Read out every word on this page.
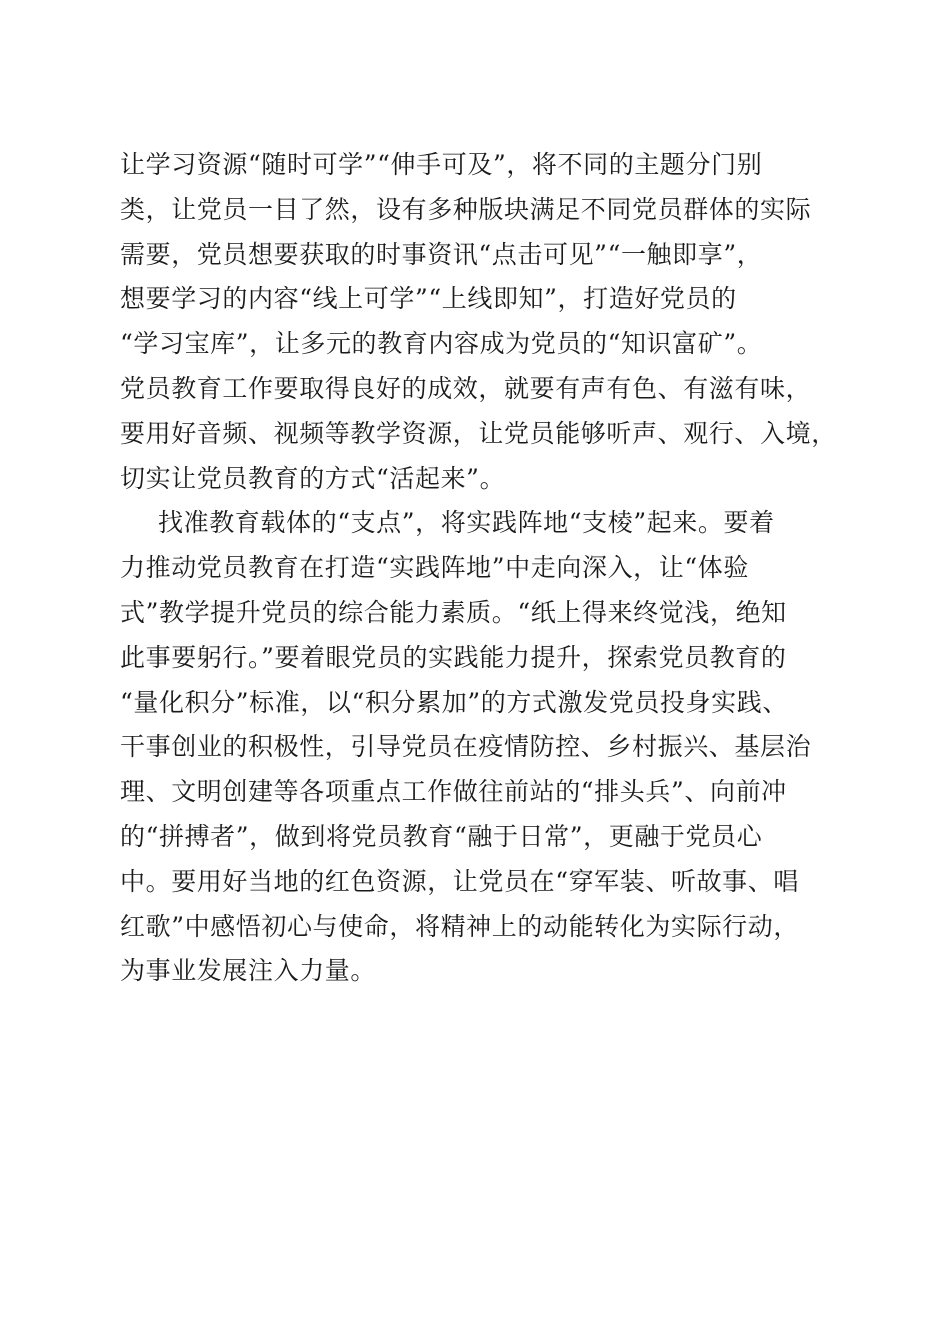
让学习资源“随时可学”“伸手可及”，将不同的主题分门别
类，让党员一目了然，设有多种版块满足不同党员群体的实际
需要，党员想要获取的时事资讯“点击可见”“一触即享”，
想要学习的内容“线上可学”“上线即知”，打造好党员的
“学习宝库”，让多元的教育内容成为党员的“知识富矿”。
党员教育工作要取得良好的成效，就要有声有色、有滋有味，
要用好音频、视频等教学资源，让党员能够听声、观行、入境，
切实让党员教育的方式“活起来”。
找准教育载体的“支点”，将实践阵地“支棱”起来。要着
力推动党员教育在打造“实践阵地”中走向深入，让“体验
式”教学提升党员的综合能力素质。“纸上得来终觉浅，绝知
此事要躬行。”要着眼党员的实践能力提升，探索党员教育的
“量化积分”标准，以“积分累加”的方式激发党员投身实践、
干事创业的积极性，引导党员在疫情防控、乡村振兴、基层治
理、文明创建等各项重点工作做往前站的“排头兵”、向前冲
的“拼搏者”，做到将党员教育“融于日常”，更融于党员心
中。要用好当地的红色资源，让党员在“穿军装、听故事、唱
红歌”中感悟初心与使命，将精神上的动能转化为实际行动，
为事业发展注入力量。
